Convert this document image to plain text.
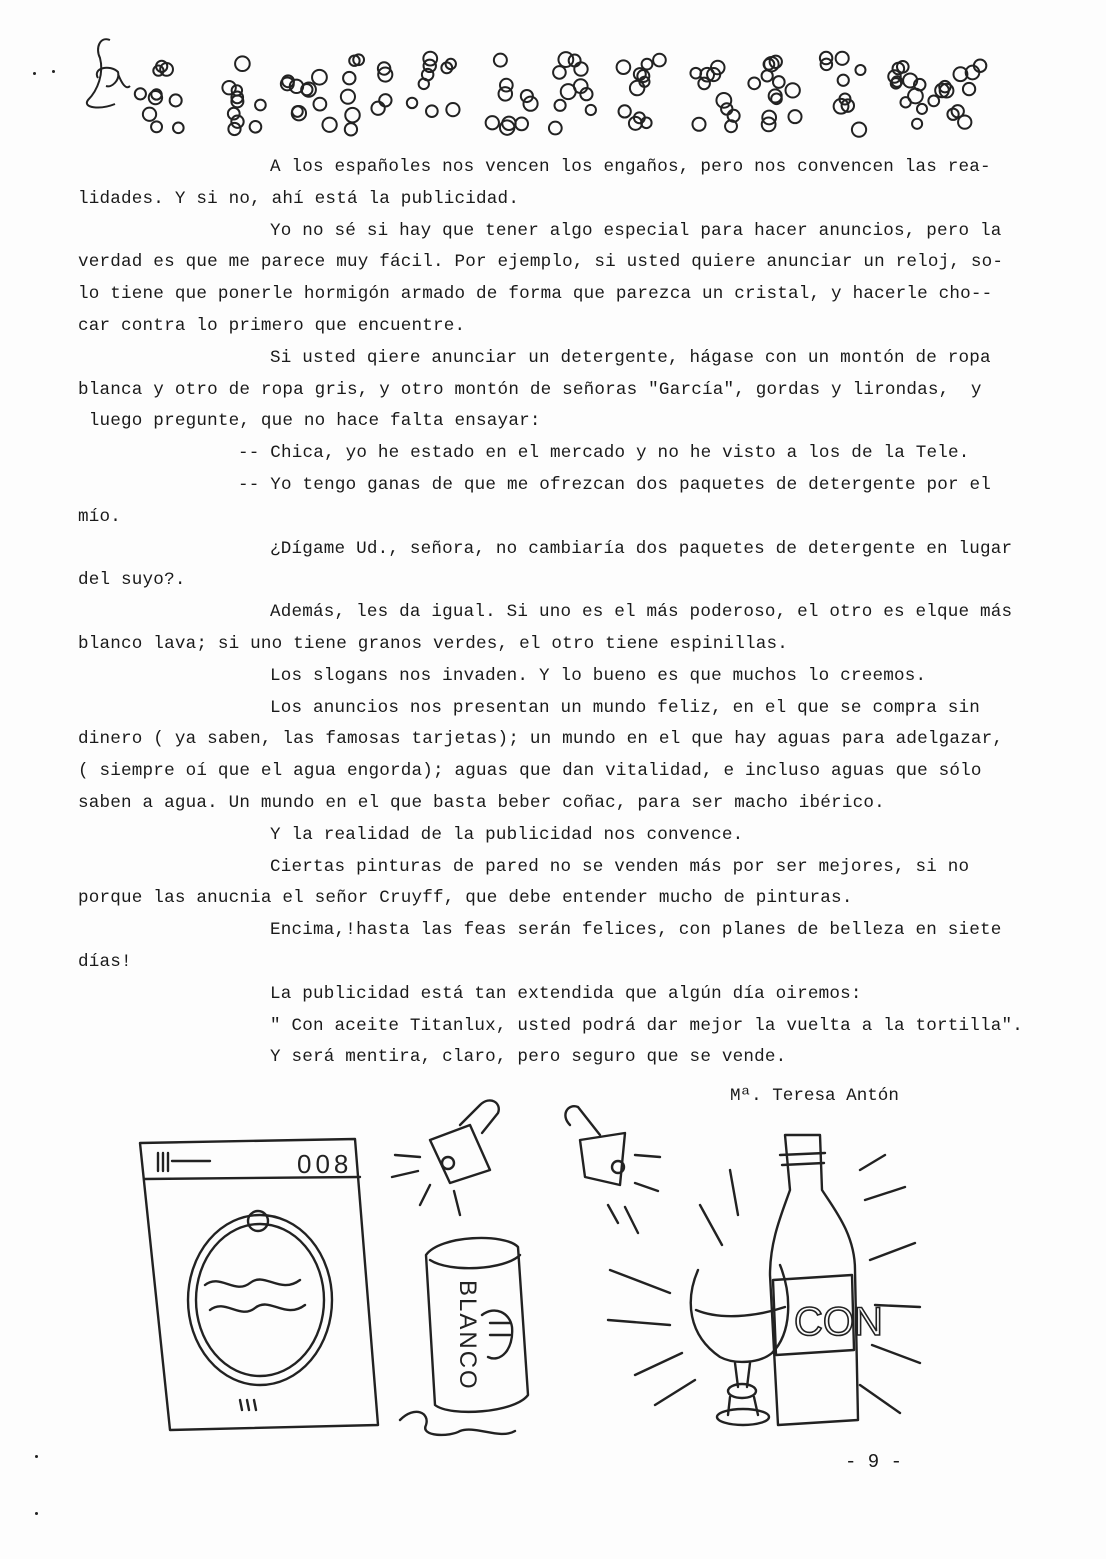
A los españoles nos vencen los engaños, pero nos convencen las rea-
lidades. Y si no, ahí está la publicidad.
Yo no sé si hay que tener algo especial para hacer anuncios, pero la
verdad es que me parece muy fácil. Por ejemplo, si usted quiere anunciar un reloj, so-
lo tiene que ponerle hormigón armado de forma que parezca un cristal, y hacerle cho--
car contra lo primero que encuentre.
Si usted qiere anunciar un detergente, hágase con un montón de ropa
blanca y otro de ropa gris, y otro montón de señoras "García", gordas y lirondas,  y
luego pregunte, que no hace falta ensayar:
-- Chica, yo he estado en el mercado y no he visto a los de la Tele.
-- Yo tengo ganas de que me ofrezcan dos paquetes de detergente por el
mío.
¿Dígame Ud., señora, no cambiaría dos paquetes de detergente en lugar
del suyo?.
Además, les da igual. Si uno es el más poderoso, el otro es elque más
blanco lava; si uno tiene granos verdes, el otro tiene espinillas.
Los slogans nos invaden. Y lo bueno es que muchos lo creemos.
Los anuncios nos presentan un mundo feliz, en el que se compra sin
dinero ( ya saben, las famosas tarjetas); un mundo en el que hay aguas para adelgazar,
( siempre oí que el agua engorda); aguas que dan vitalidad, e incluso aguas que sólo
saben a agua. Un mundo en el que basta beber coñac, para ser macho ibérico.
Y la realidad de la publicidad nos convence.
Ciertas pinturas de pared no se venden más por ser mejores, si no
porque las anucnia el señor Cruyff, que debe entender mucho de pinturas.
Encima,!hasta las feas serán felices, con planes de belleza en siete
días!
La publicidad está tan extendida que algún día oiremos:
" Con aceite Titanlux, usted podrá dar mejor la vuelta a la tortilla".
Y será mentira, claro, pero seguro que se vende.
Mª. Teresa Antón
008
BLANCO	CON
- 9 -
